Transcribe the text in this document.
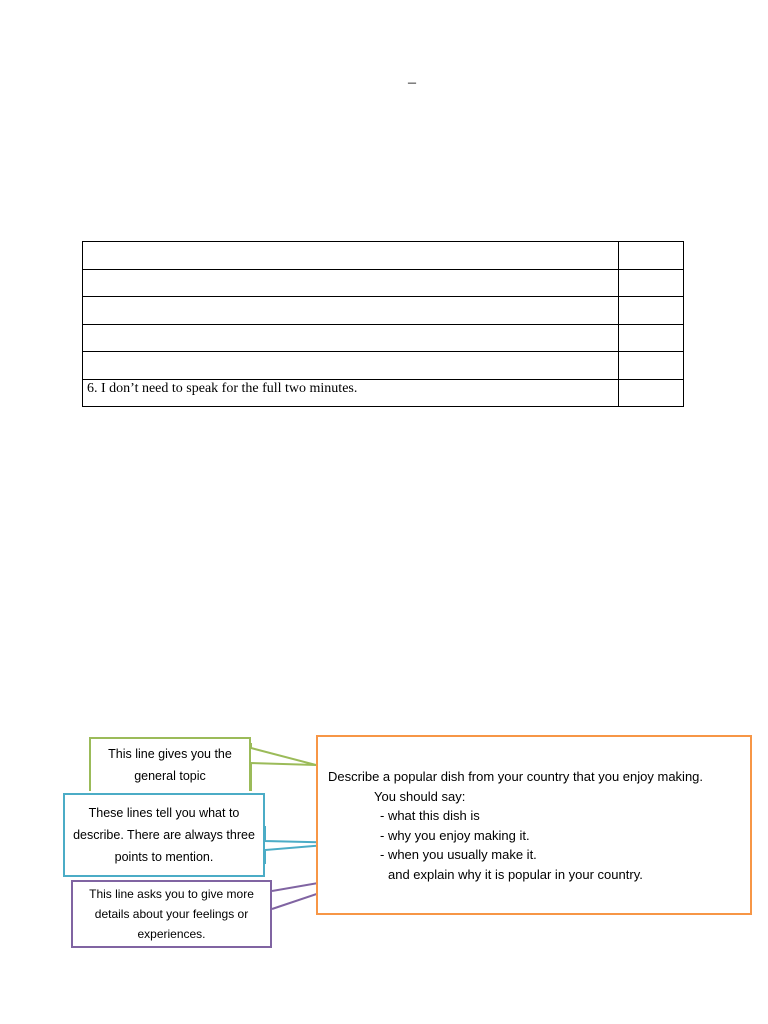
–

6. I don’t need to speak for the full two minutes.	
This line gives you the general topic
These lines tell you what to describe. There are always three points to mention.
This line asks you to give more details about your feelings or experiences.
Describe a popular dish from your country that you enjoy making.
You should say:
- what this dish is
- why you enjoy making it.
- when you usually make it.
and explain why it is popular in your country.
